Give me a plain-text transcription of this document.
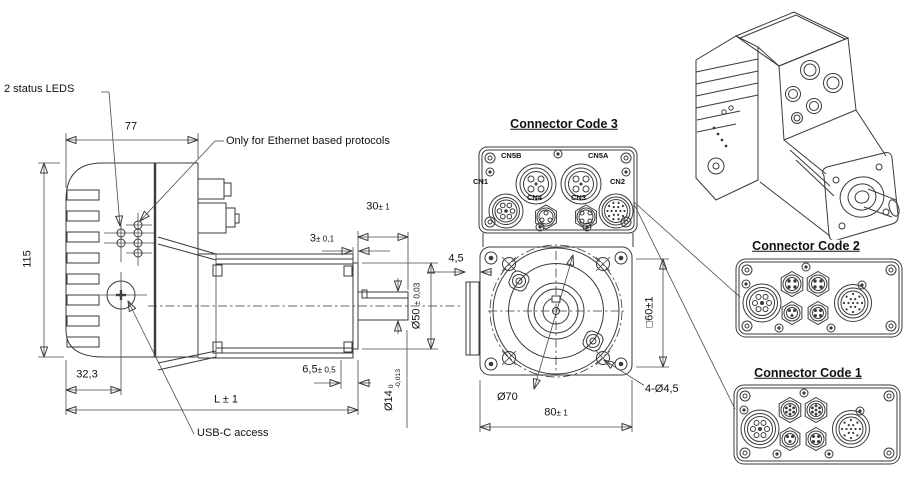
2 status LEDS
Only for Ethernet based protocols
USB-C access
77
115
32,3
L ± 1
3± 0,1
30± 1
4,5
Ø50 ± 0,03
6,5± 0,5
Ø14
0 -0,013
Connector Code 3
CN5B	CN5A
CN1	CN2
CN4	CN3
Ø70
80± 1
□60±1
4-Ø4,5
Connector Code 2
Connector Code 1
